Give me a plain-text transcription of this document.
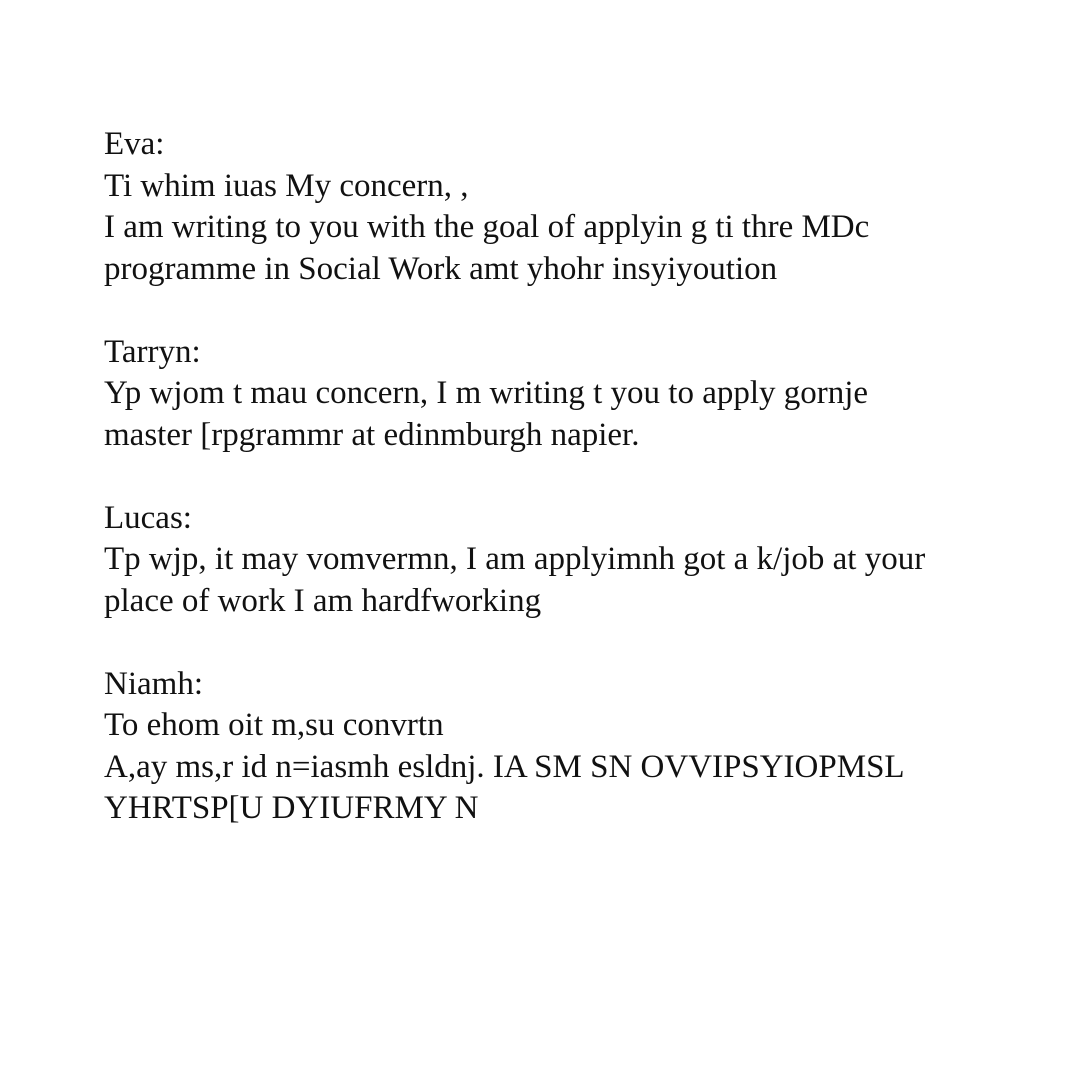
Eva:
Ti whim iuas My concern, ,
I am writing to you with the goal of applyin g ti thre MDc
programme in Social Work amt yhohr insyiyoution
Tarryn:
Yp wjom t mau concern, I m writing t you to apply gornje
master [rpgrammr at edinmburgh napier.
Lucas:
Tp wjp, it may vomvermn, I am applyimnh got a k/job at your
place of work I am hardfworking
Niamh:
To ehom oit m,su convrtn
A,ay ms,r id n=iasmh esldnj. IA SM SN OVVIPSYIOPMSL
YHRTSP[U DYIUFRMY N
